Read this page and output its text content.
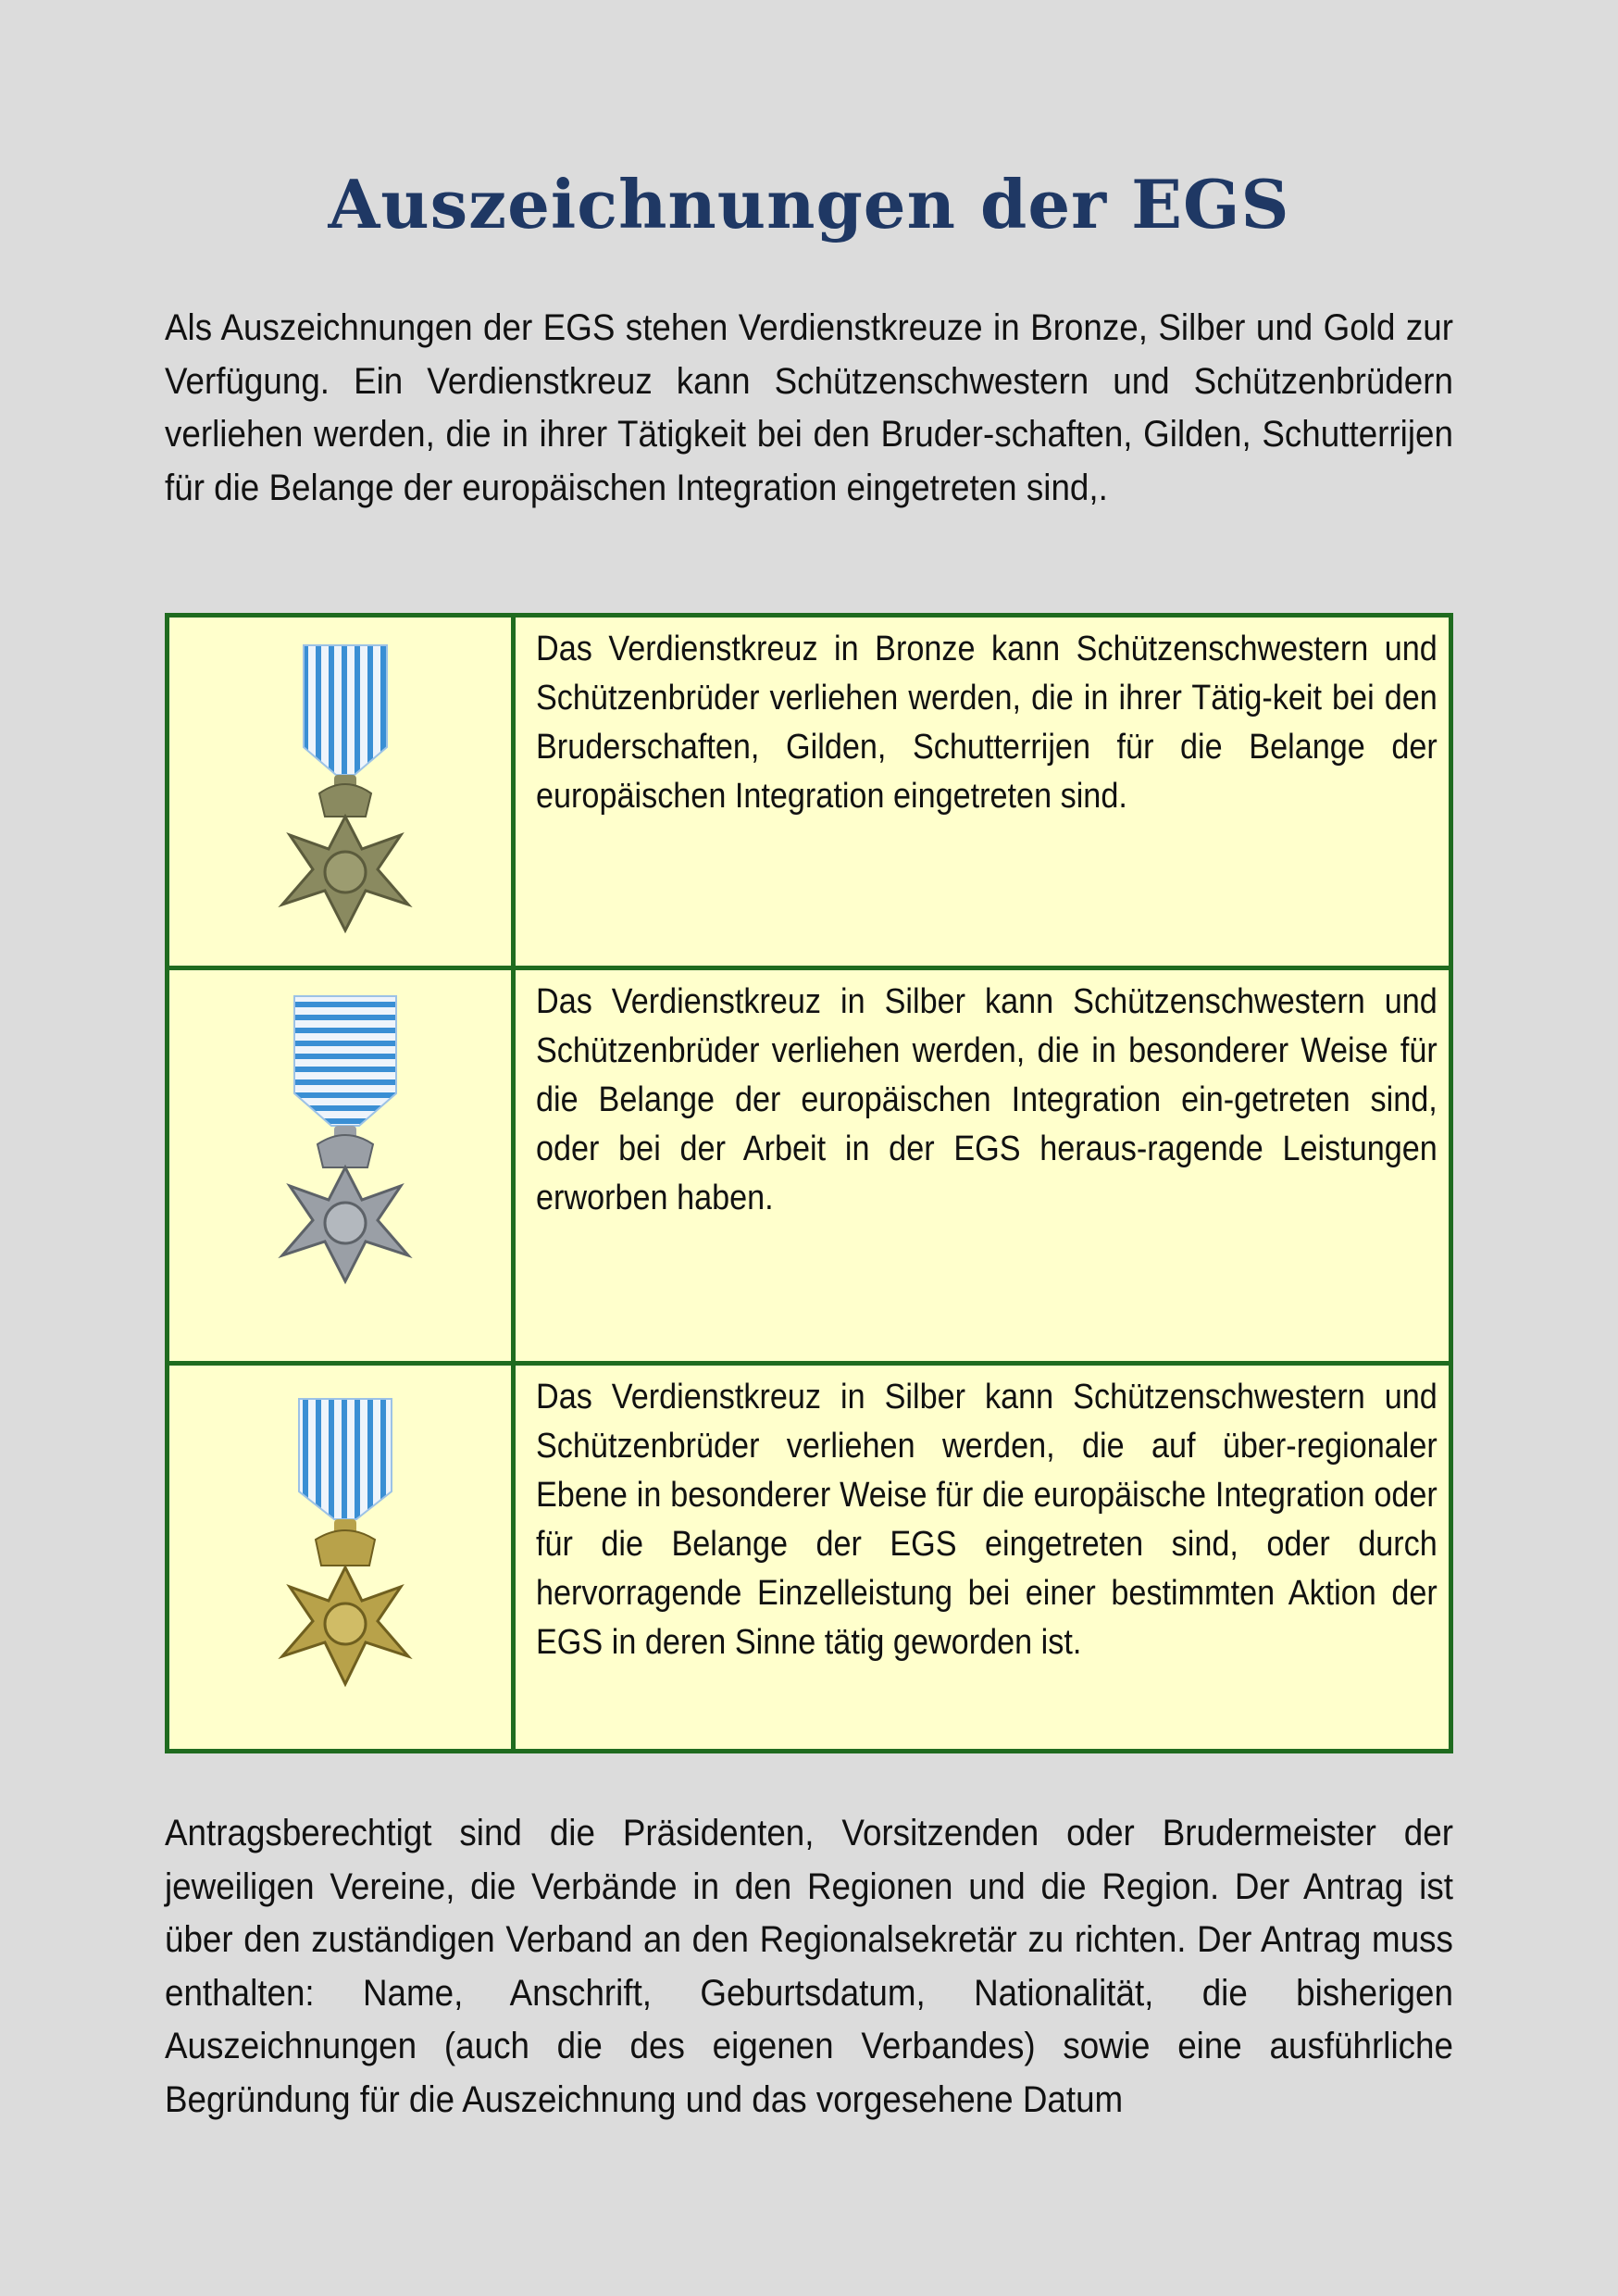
Auszeichnungen der EGS
Als Auszeichnungen der EGS stehen Verdienstkreuze in Bronze, Silber und Gold zur Verfügung. Ein Verdienstkreuz kann Schützenschwestern und Schützenbrüdern verliehen werden, die in ihrer Tätigkeit bei den Bruder-schaften, Gilden, Schutterrijen für die Belange der europäischen Integration eingetreten sind,.
Das Verdienstkreuz in Bronze kann Schützenschwestern und Schützenbrüder verliehen werden, die in ihrer Tätig-keit bei den Bruderschaften, Gilden, Schutterrijen für die Belange der europäischen Integration eingetreten sind.
Das Verdienstkreuz in Silber kann Schützenschwestern und Schützenbrüder verliehen werden, die in besonderer Weise für die Belange der europäischen Integration ein-getreten sind, oder bei der Arbeit in der EGS heraus-ragende Leistungen erworben haben.
Das Verdienstkreuz in Silber kann Schützenschwestern und Schützenbrüder verliehen werden, die auf über-regionaler Ebene in besonderer Weise für die europäische Integration oder für die Belange der EGS eingetreten sind, oder durch hervorragende Einzelleistung bei einer bestimmten Aktion der EGS in deren Sinne tätig geworden ist.
Antragsberechtigt sind die Präsidenten, Vorsitzenden oder Brudermeister der jeweiligen Vereine, die Verbände in den Regionen und die Region. Der Antrag ist über den zuständigen Verband an den Regionalsekretär zu richten. Der Antrag muss enthalten: Name, Anschrift, Geburtsdatum, Nationalität, die bisherigen Auszeichnungen (auch die des eigenen Verbandes) sowie eine ausführliche Begründung für die Auszeichnung und das vorgesehene Datum
